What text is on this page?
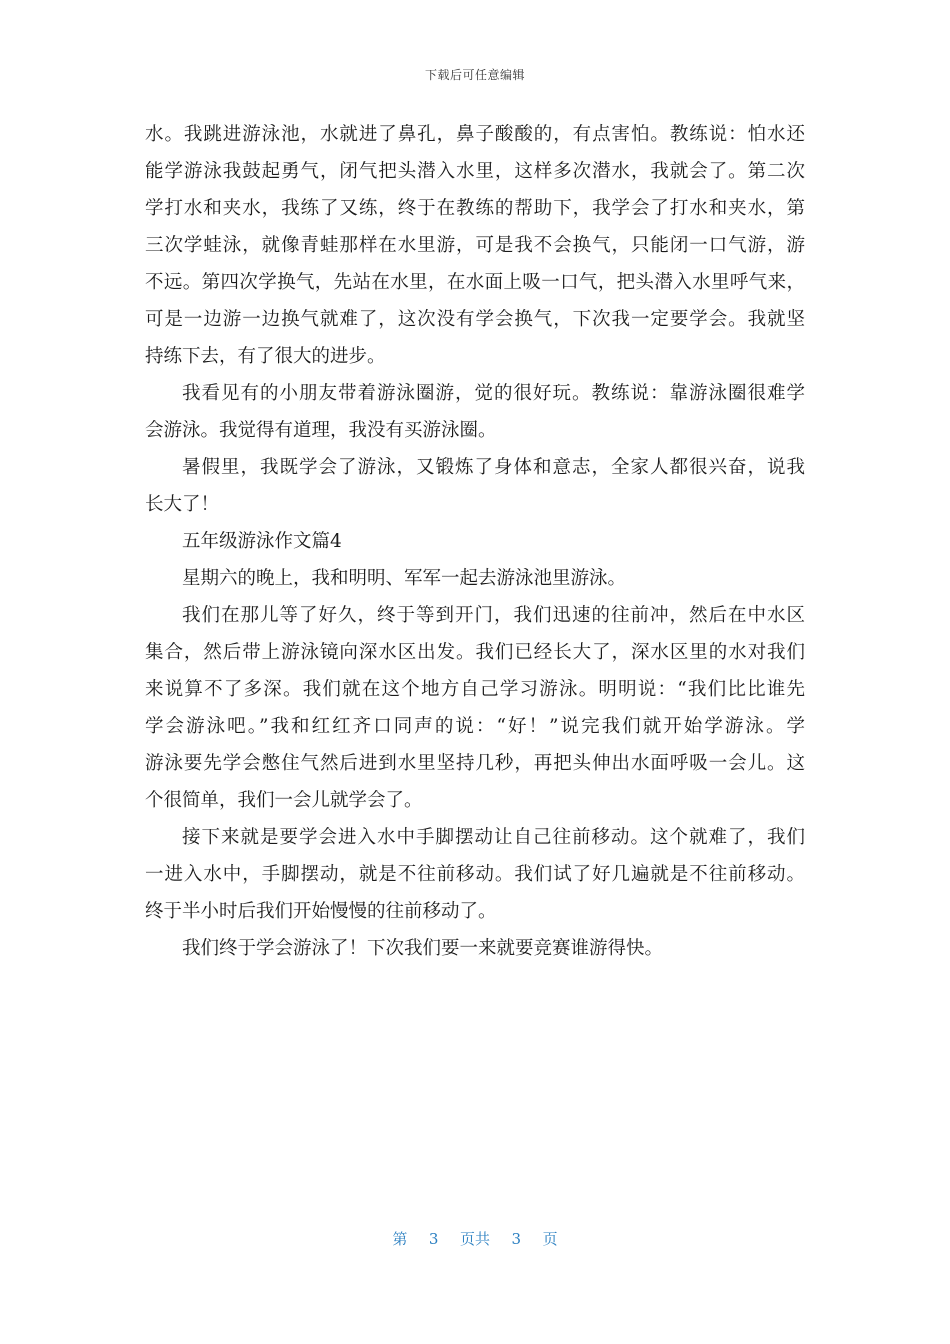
下载后可任意编辑
水。我跳进游泳池，水就进了鼻孔，鼻子酸酸的，有点害怕。教练说：怕水还
能学游泳我鼓起勇气，闭气把头潜入水里，这样多次潜水，我就会了。第二次
学打水和夹水，我练了又练，终于在教练的帮助下，我学会了打水和夹水，第
三次学蛙泳，就像青蛙那样在水里游，可是我不会换气，只能闭一口气游，游
不远。第四次学换气，先站在水里，在水面上吸一口气，把头潜入水里呼气来，
可是一边游一边换气就难了，这次没有学会换气，下次我一定要学会。我就坚
持练下去，有了很大的进步。
我看见有的小朋友带着游泳圈游，觉的很好玩。教练说：靠游泳圈很难学
会游泳。我觉得有道理，我没有买游泳圈。
暑假里，我既学会了游泳，又锻炼了身体和意志，全家人都很兴奋，说我
长大了！
五年级游泳作文篇4
星期六的晚上，我和明明、军军一起去游泳池里游泳。
我们在那儿等了好久，终于等到开门，我们迅速的往前冲，然后在中水区
集合，然后带上游泳镜向深水区出发。我们已经长大了，深水区里的水对我们
来说算不了多深。我们就在这个地方自己学习游泳。明明说：“我们比比谁先
学会游泳吧。”我和红红齐口同声的说：“好！”说完我们就开始学游泳。学
游泳要先学会憋住气然后进到水里坚持几秒，再把头伸出水面呼吸一会儿。这
个很简单，我们一会儿就学会了。
接下来就是要学会进入水中手脚摆动让自己往前移动。这个就难了，我们
一进入水中，手脚摆动，就是不往前移动。我们试了好几遍就是不往前移动。
终于半小时后我们开始慢慢的往前移动了。
我们终于学会游泳了！下次我们要一来就要竞赛谁游得快。
第  3  页共  3  页
